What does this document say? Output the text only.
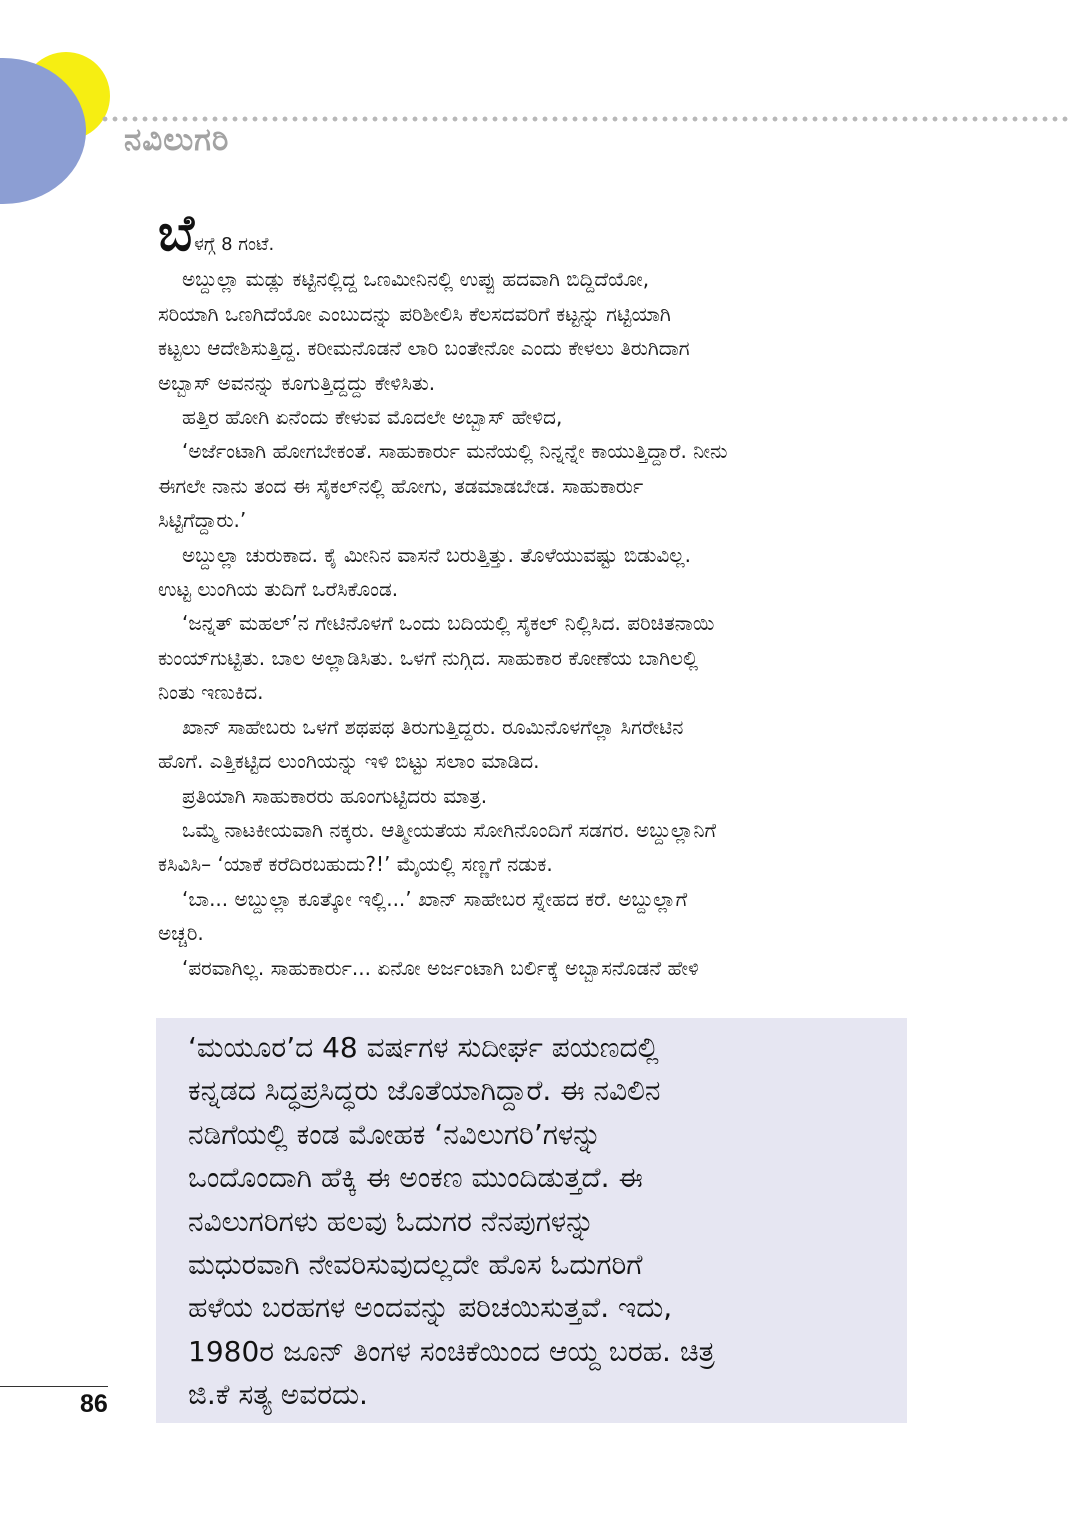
ನವಿಲುಗರಿ

ಬೆಳಗ್ಗೆ 8 ಗಂಟೆ.

ಅಬ್ದುಲ್ಲಾ ಮಡ್ಲು ಕಟ್ಟಿನಲ್ಲಿದ್ದ ಒಣಮೀನಿನಲ್ಲಿ ಉಪ್ಪು ಹದವಾಗಿ ಬಿದ್ದಿದೆಯೋ,
ಸರಿಯಾಗಿ ಒಣಗಿದೆಯೋ ಎಂಬುದನ್ನು ಪರಿಶೀಲಿಸಿ ಕೆಲಸದವರಿಗೆ ಕಟ್ಟನ್ನು ಗಟ್ಟಿಯಾಗಿ
ಕಟ್ಟಲು ಆದೇಶಿಸುತ್ತಿದ್ದ. ಕರೀಮನೊಡನೆ ಲಾರಿ ಬಂತೇನೋ ಎಂದು ಕೇಳಲು ತಿರುಗಿದಾಗ
ಅಬ್ಬಾಸ್ ಅವನನ್ನು ಕೂಗುತ್ತಿದ್ದದ್ದು ಕೇಳಿಸಿತು.

ಹತ್ತಿರ ಹೋಗಿ ಏನೆಂದು ಕೇಳುವ ಮೊದಲೇ ಅಬ್ಬಾಸ್ ಹೇಳಿದ,

‘ಅರ್ಜೆಂಟಾಗಿ ಹೋಗಬೇಕಂತೆ. ಸಾಹುಕಾರ್ರು ಮನೆಯಲ್ಲಿ ನಿನ್ನನ್ನೇ ಕಾಯುತ್ತಿದ್ದಾರೆ. ನೀನು
ಈಗಲೇ ನಾನು ತಂದ ಈ ಸೈಕಲ್‌ನಲ್ಲಿ ಹೋಗು, ತಡಮಾಡಬೇಡ. ಸಾಹುಕಾರ್ರು
ಸಿಟ್ಟಿಗೆದ್ದಾರು.’

ಅಬ್ದುಲ್ಲಾ ಚುರುಕಾದ. ಕೈ ಮೀನಿನ ವಾಸನೆ ಬರುತ್ತಿತ್ತು. ತೊಳೆಯುವಷ್ಟು ಬಿಡುವಿಲ್ಲ.
ಉಟ್ಟ ಲುಂಗಿಯ ತುದಿಗೆ ಒರೆಸಿಕೊಂಡ.

‘ಜನ್ನತ್ ಮಹಲ್’ನ ಗೇಟಿನೊಳಗೆ ಒಂದು ಬದಿಯಲ್ಲಿ ಸೈಕಲ್ ನಿಲ್ಲಿಸಿದ. ಪರಿಚಿತನಾಯಿ
ಕುಂಯ್‌ಗುಟ್ಟಿತು. ಬಾಲ ಅಲ್ಲಾಡಿಸಿತು. ಒಳಗೆ ನುಗ್ಗಿದ. ಸಾಹುಕಾರ ಕೋಣೆಯ ಬಾಗಿಲಲ್ಲಿ
ನಿಂತು ಇಣುಕಿದ.

ಖಾನ್ ಸಾಹೇಬರು ಒಳಗೆ ಶಥಪಥ ತಿರುಗುತ್ತಿದ್ದರು. ರೂಮಿನೊಳಗೆಲ್ಲಾ ಸಿಗರೇಟಿನ
ಹೊಗೆ. ಎತ್ತಿಕಟ್ಟಿದ ಲುಂಗಿಯನ್ನು ಇಳಿ ಬಿಟ್ಟು ಸಲಾಂ ಮಾಡಿದ.

ಪ್ರತಿಯಾಗಿ ಸಾಹುಕಾರರು ಹೂಂಗುಟ್ಟಿದರು ಮಾತ್ರ.

ಒಮ್ಮೆ ನಾಟಕೀಯವಾಗಿ ನಕ್ಕರು. ಆತ್ಮೀಯತೆಯ ಸೋಗಿನೊಂದಿಗೆ ಸಡಗರ. ಅಬ್ದುಲ್ಲಾನಿಗೆ
ಕಸಿವಿಸಿ– ‘ಯಾಕೆ ಕರೆದಿರಬಹುದು?!’ ಮೈಯಲ್ಲಿ ಸಣ್ಣಗೆ ನಡುಕ.

‘ಬಾ... ಅಬ್ದುಲ್ಲಾ ಕೂತ್ಕೋ ಇಲ್ಲಿ...’ ಖಾನ್ ಸಾಹೇಬರ ಸ್ನೇಹದ ಕರೆ. ಅಬ್ದುಲ್ಲಾಗೆ
ಅಚ್ಚರಿ.

‘ಪರವಾಗಿಲ್ಲ. ಸಾಹುಕಾರ್ರು... ಏನೋ ಅರ್ಜಂಟಾಗಿ ಬರ್ಲಿಕ್ಕೆ ಅಬ್ಬಾಸನೊಡನೆ ಹೇಳಿ

‘ಮಯೂರ’ದ 48 ವರ್ಷಗಳ ಸುದೀರ್ಘ ಪಯಣದಲ್ಲಿ
ಕನ್ನಡದ ಸಿದ್ಧಪ್ರಸಿದ್ಧರು ಜೊತೆಯಾಗಿದ್ದಾರೆ. ಈ ನವಿಲಿನ
ನಡಿಗೆಯಲ್ಲಿ ಕಂಡ ಮೋಹಕ ‘ನವಿಲುಗರಿ’ಗಳನ್ನು
ಒಂದೊಂದಾಗಿ ಹೆಕ್ಕಿ ಈ ಅಂಕಣ ಮುಂದಿಡುತ್ತದೆ. ಈ
ನವಿಲುಗರಿಗಳು ಹಲವು ಓದುಗರ ನೆನಪುಗಳನ್ನು
ಮಧುರವಾಗಿ ನೇವರಿಸುವುದಲ್ಲದೇ ಹೊಸ ಓದುಗರಿಗೆ
ಹಳೆಯ ಬರಹಗಳ ಅಂದವನ್ನು ಪರಿಚಯಿಸುತ್ತವೆ. ಇದು,
1980ರ ಜೂನ್ ತಿಂಗಳ ಸಂಚಿಕೆಯಿಂದ ಆಯ್ದ ಬರಹ. ಚಿತ್ರ
ಜಿ.ಕೆ ಸತ್ಯ ಅವರದು.

86
